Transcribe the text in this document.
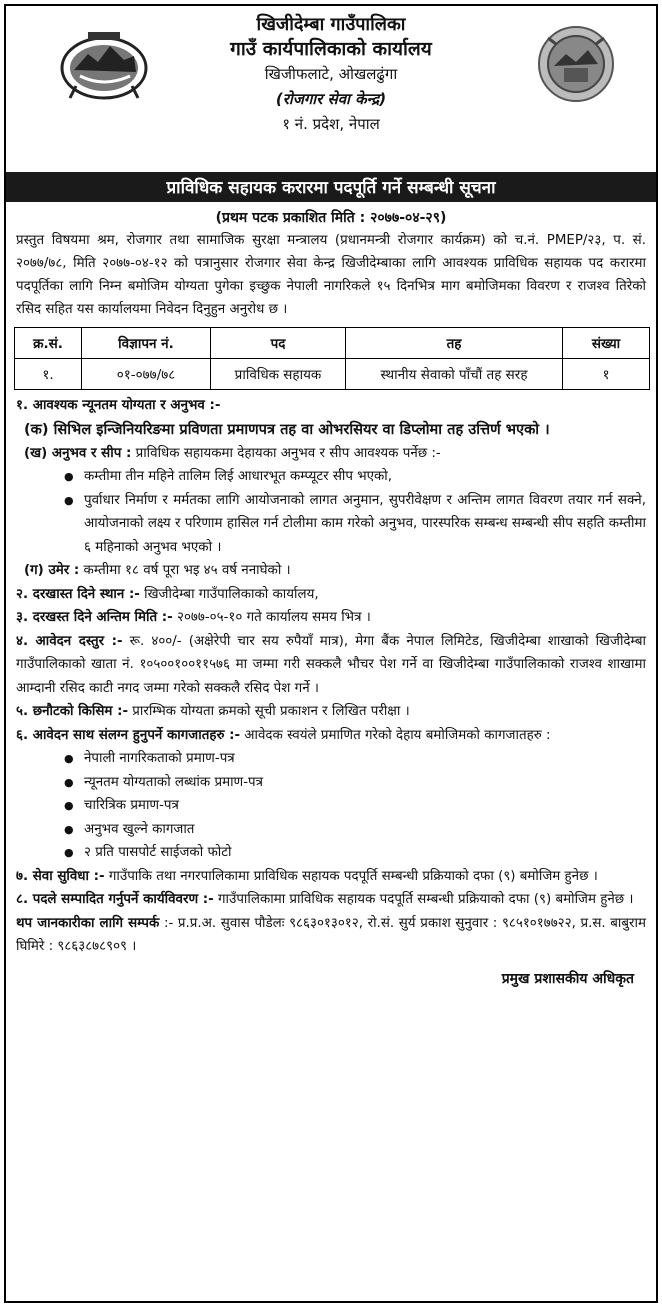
खिजीदेम्बा गाउँपालिका

गाउँ कार्यपालिकाको कार्यालय

खिजीफलाटे, ओखलढुंगा

(रोजगार सेवा केन्द्र)

१ नं. प्रदेश, नेपाल

प्राविधिक सहायक करारमा पदपूर्ति गर्ने सम्बन्धी सूचना
(प्रथम पटक प्रकाशित मिति : २०७७-०४-२९)

प्रस्तुत विषयमा श्रम, रोजगार तथा सामाजिक सुरक्षा मन्त्रालय (प्रधानमन्त्री रोजगार कार्यक्रम) को च.नं. PMEP/२३, प. सं. २०७७/७८, मिति २०७७-०४-१२ को पत्रानुसार रोजगार सेवा केन्द्र खिजीदेम्बाका लागि आवश्यक प्राविधिक सहायक पद करारमा पदपूर्तिका लागि निम्न बमोजिम योग्यता पुगेका इच्छुक नेपाली नागरिकले १५ दिनभित्र माग बमोजिमका विवरण र राजश्व तिरेको रसिद सहित यस कार्यालयमा निवेदन दिनुहुन अनुरोध छ ।

क्र.सं.	विज्ञापन नं.	पद	तह	संख्या
१.	०१-०७७/७८	प्राविधिक सहायक	स्थानीय सेवाको पाँचौं तह सरह	१
१. आवश्यक न्यूनतम योग्यता र अनुभव :-
(क) सिभिल इन्जिनियरिङमा प्रविणता प्रमाणपत्र तह वा ओभरसियर वा डिप्लोमा तह उत्तिर्ण भएको ।
(ख) अनुभव र सीप : प्राविधिक सहायकमा देहायका अनुभव र सीप आवश्यक पर्नेछ :-
● कम्तीमा तीन महिने तालिम लिई आधारभूत कम्प्यूटर सीप भएको,
● पुर्वाधार निर्माण र मर्मतका लागि आयोजनाको लागत अनुमान, सुपरीवेक्षण र अन्तिम लागत विवरण तयार गर्न सक्ने, आयोजनाको लक्ष्य र परिणाम हासिल गर्न टोलीमा काम गरेको अनुभव, पारस्परिक सम्बन्ध सम्बन्धी सीप सहति कम्तीमा ६ महिनाको अनुभव भएको ।
(ग) उमेर : कम्तीमा १८ वर्ष पूरा भइ ४५ वर्ष ननाघेको ।
२. दरखास्त दिने स्थान :- खिजीदेम्बा गाउँपालिकाको कार्यालय,
३. दरखस्त दिने अन्तिम मिति :- २०७७-०५-१० गते कार्यालय समय भित्र ।
४. आवेदन दस्तुर :- रू. ४००/- (अक्षेरेपी चार सय रुपैयाँ मात्र), मेगा बैंक नेपाल लिमिटेड, खिजीदेम्बा शाखाको खिजीदेम्बा गाउँपालिकाको खाता नं. १०५००१००११५७६ मा जम्मा गरी सक्कलै भौचर पेश गर्ने वा खिजीदेम्बा गाउँपालिकाको राजश्व शाखामा आम्दानी रसिद काटी नगद जम्मा गरेको सक्कलै रसिद पेश गर्ने ।
५. छनौटको किसिम :- प्रारम्भिक योग्यता क्रमको सूची प्रकाशन र लिखित परीक्षा ।
६. आवेदन साथ संलग्न हुनुपर्ने कागजातहरु :- आवेदक स्वयंले प्रमाणित गरेको देहाय बमोजिमको कागजातहरु :
● नेपाली नागरिकताको प्रमाण-पत्र
● न्यूनतम योग्यताको लब्धांक प्रमाण-पत्र
● चारित्रिक प्रमाण-पत्र
● अनुभव खुल्ने कागजात
● २ प्रति पासपोर्ट साईजको फोटो
७. सेवा सुविधा :- गाउँपाकि तथा नगरपालिकामा प्राविधिक सहायक पदपूर्ति सम्बन्धी प्रक्रियाको दफा (९) बमोजिम हुनेछ ।
८. पदले सम्पादित गर्नुपर्ने कार्यविवरण :- गाउँपालिकामा प्राविधिक सहायक पदपूर्ति सम्बन्धी प्रक्रियाको दफा (९) बमोजिम हुनेछ ।
थप जानकारीका लागि सम्पर्क :- प्र.प्र.अ. सुवास पौडेलः ९८६३०१३०१२, रो.सं. सुर्य प्रकाश सुनुवार : ९८५१०१७७२२, प्र.स. बाबुराम घिमिरे : ९८६३८७८९०९ ।
प्रमुख प्रशासकीय अधिकृत
